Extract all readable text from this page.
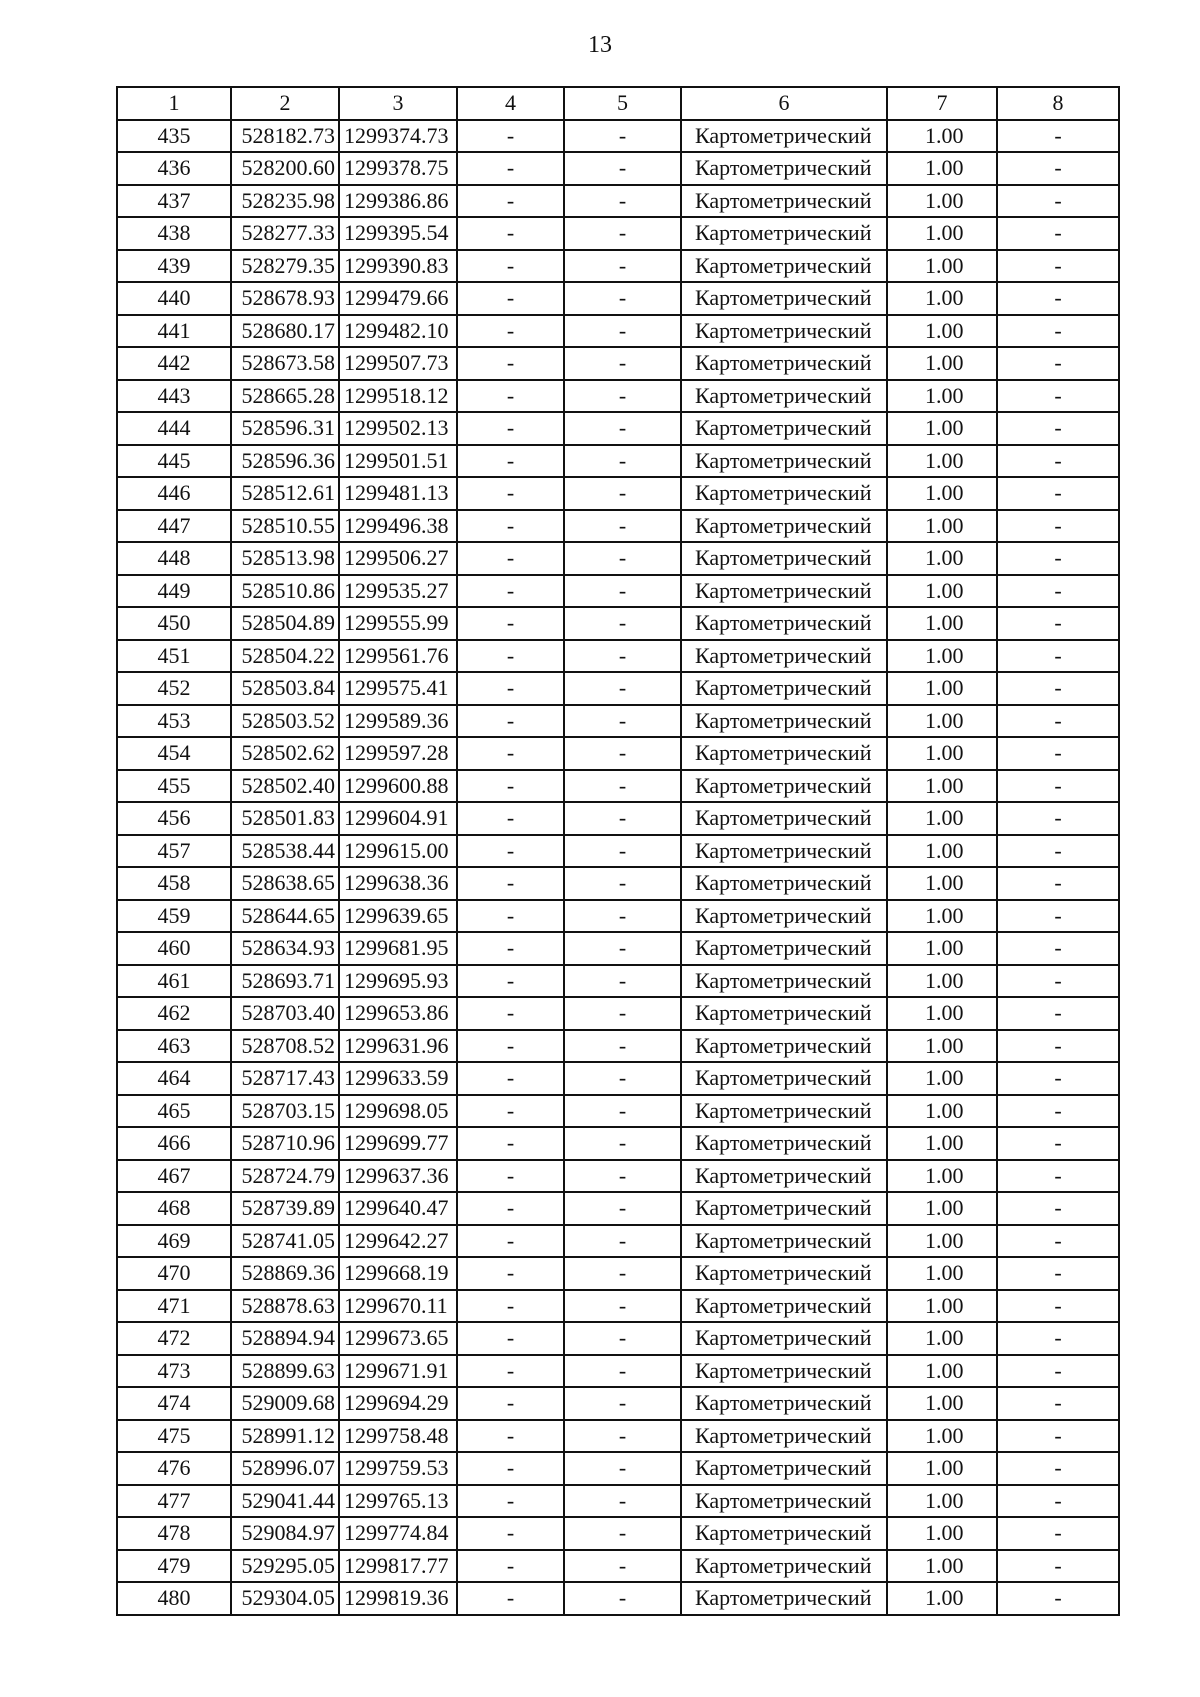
13
1	2	3	4	5	6	7	8
435	528182.73	1299374.73	-	-	Картометрический	1.00	-
436	528200.60	1299378.75	-	-	Картометрический	1.00	-
437	528235.98	1299386.86	-	-	Картометрический	1.00	-
438	528277.33	1299395.54	-	-	Картометрический	1.00	-
439	528279.35	1299390.83	-	-	Картометрический	1.00	-
440	528678.93	1299479.66	-	-	Картометрический	1.00	-
441	528680.17	1299482.10	-	-	Картометрический	1.00	-
442	528673.58	1299507.73	-	-	Картометрический	1.00	-
443	528665.28	1299518.12	-	-	Картометрический	1.00	-
444	528596.31	1299502.13	-	-	Картометрический	1.00	-
445	528596.36	1299501.51	-	-	Картометрический	1.00	-
446	528512.61	1299481.13	-	-	Картометрический	1.00	-
447	528510.55	1299496.38	-	-	Картометрический	1.00	-
448	528513.98	1299506.27	-	-	Картометрический	1.00	-
449	528510.86	1299535.27	-	-	Картометрический	1.00	-
450	528504.89	1299555.99	-	-	Картометрический	1.00	-
451	528504.22	1299561.76	-	-	Картометрический	1.00	-
452	528503.84	1299575.41	-	-	Картометрический	1.00	-
453	528503.52	1299589.36	-	-	Картометрический	1.00	-
454	528502.62	1299597.28	-	-	Картометрический	1.00	-
455	528502.40	1299600.88	-	-	Картометрический	1.00	-
456	528501.83	1299604.91	-	-	Картометрический	1.00	-
457	528538.44	1299615.00	-	-	Картометрический	1.00	-
458	528638.65	1299638.36	-	-	Картометрический	1.00	-
459	528644.65	1299639.65	-	-	Картометрический	1.00	-
460	528634.93	1299681.95	-	-	Картометрический	1.00	-
461	528693.71	1299695.93	-	-	Картометрический	1.00	-
462	528703.40	1299653.86	-	-	Картометрический	1.00	-
463	528708.52	1299631.96	-	-	Картометрический	1.00	-
464	528717.43	1299633.59	-	-	Картометрический	1.00	-
465	528703.15	1299698.05	-	-	Картометрический	1.00	-
466	528710.96	1299699.77	-	-	Картометрический	1.00	-
467	528724.79	1299637.36	-	-	Картометрический	1.00	-
468	528739.89	1299640.47	-	-	Картометрический	1.00	-
469	528741.05	1299642.27	-	-	Картометрический	1.00	-
470	528869.36	1299668.19	-	-	Картометрический	1.00	-
471	528878.63	1299670.11	-	-	Картометрический	1.00	-
472	528894.94	1299673.65	-	-	Картометрический	1.00	-
473	528899.63	1299671.91	-	-	Картометрический	1.00	-
474	529009.68	1299694.29	-	-	Картометрический	1.00	-
475	528991.12	1299758.48	-	-	Картометрический	1.00	-
476	528996.07	1299759.53	-	-	Картометрический	1.00	-
477	529041.44	1299765.13	-	-	Картометрический	1.00	-
478	529084.97	1299774.84	-	-	Картометрический	1.00	-
479	529295.05	1299817.77	-	-	Картометрический	1.00	-
480	529304.05	1299819.36	-	-	Картометрический	1.00	-
